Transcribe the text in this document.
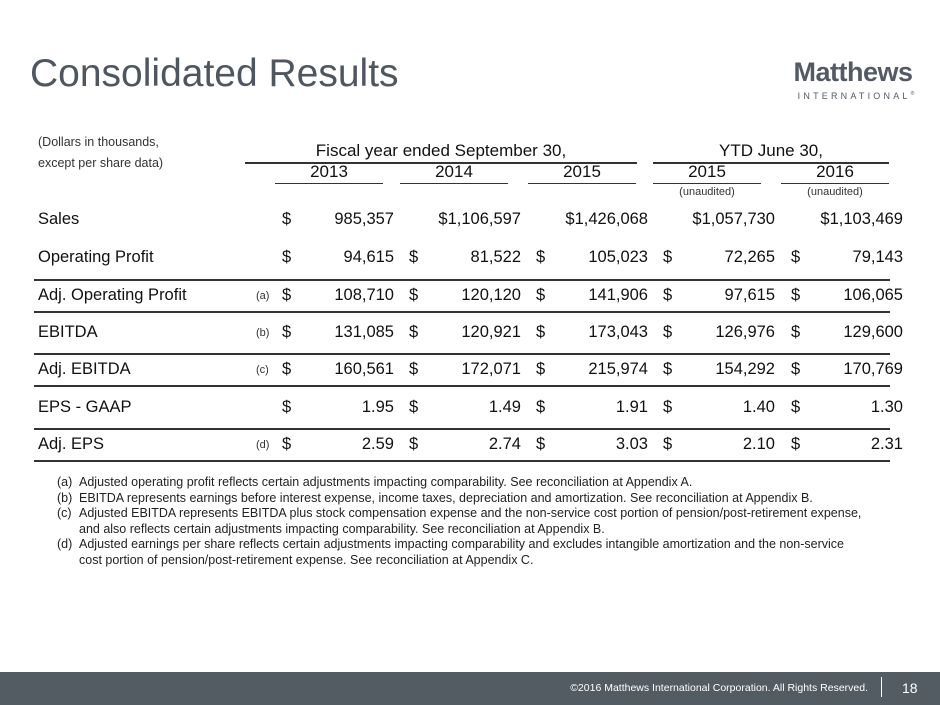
Consolidated Results	Matthews
INTERNATIONAL®
(Dollars in thousands,
except per share data)
Fiscal year ended September 30,	YTD June 30,
2013	2014	2015	2015	2016
(unaudited)	(unaudited)
Sales	$	985,357	$1,106,597	$1,426,068	$1,057,730	$1,103,469
Operating Profit	$	94,615 $	81,522 $	105,023 $	72,265 $	79,143
Adj. Operating Profit	(a) $	108,710 $	120,120 $	141,906 $	97,615 $	106,065
EBITDA	(b) $	131,085 $	120,921 $	173,043 $	126,976 $	129,600
Adj. EBITDA	(c) $	160,561 $	172,071 $	215,974 $	154,292 $	170,769
EPS - GAAP	$	1.95 $	1.49 $	1.91 $	1.40 $	1.30
Adj. EPS	(d) $	2.59 $	2.74 $	3.03 $	2.10 $	2.31
(a) Adjusted operating profit reflects certain adjustments impacting comparability. See reconciliation at Appendix A.
(b) EBITDA represents earnings before interest expense, income taxes, depreciation and amortization. See reconciliation at Appendix B.
(c) Adjusted EBITDA represents EBITDA plus stock compensation expense and the non-service cost portion of pension/post-retirement expense, and also reflects certain adjustments impacting comparability. See reconciliation at Appendix B.
(d) Adjusted earnings per share reflects certain adjustments impacting comparability and excludes intangible amortization and the non-service cost portion of pension/post-retirement expense. See reconciliation at Appendix C.
©2016 Matthews International Corporation. All Rights Reserved. 18
